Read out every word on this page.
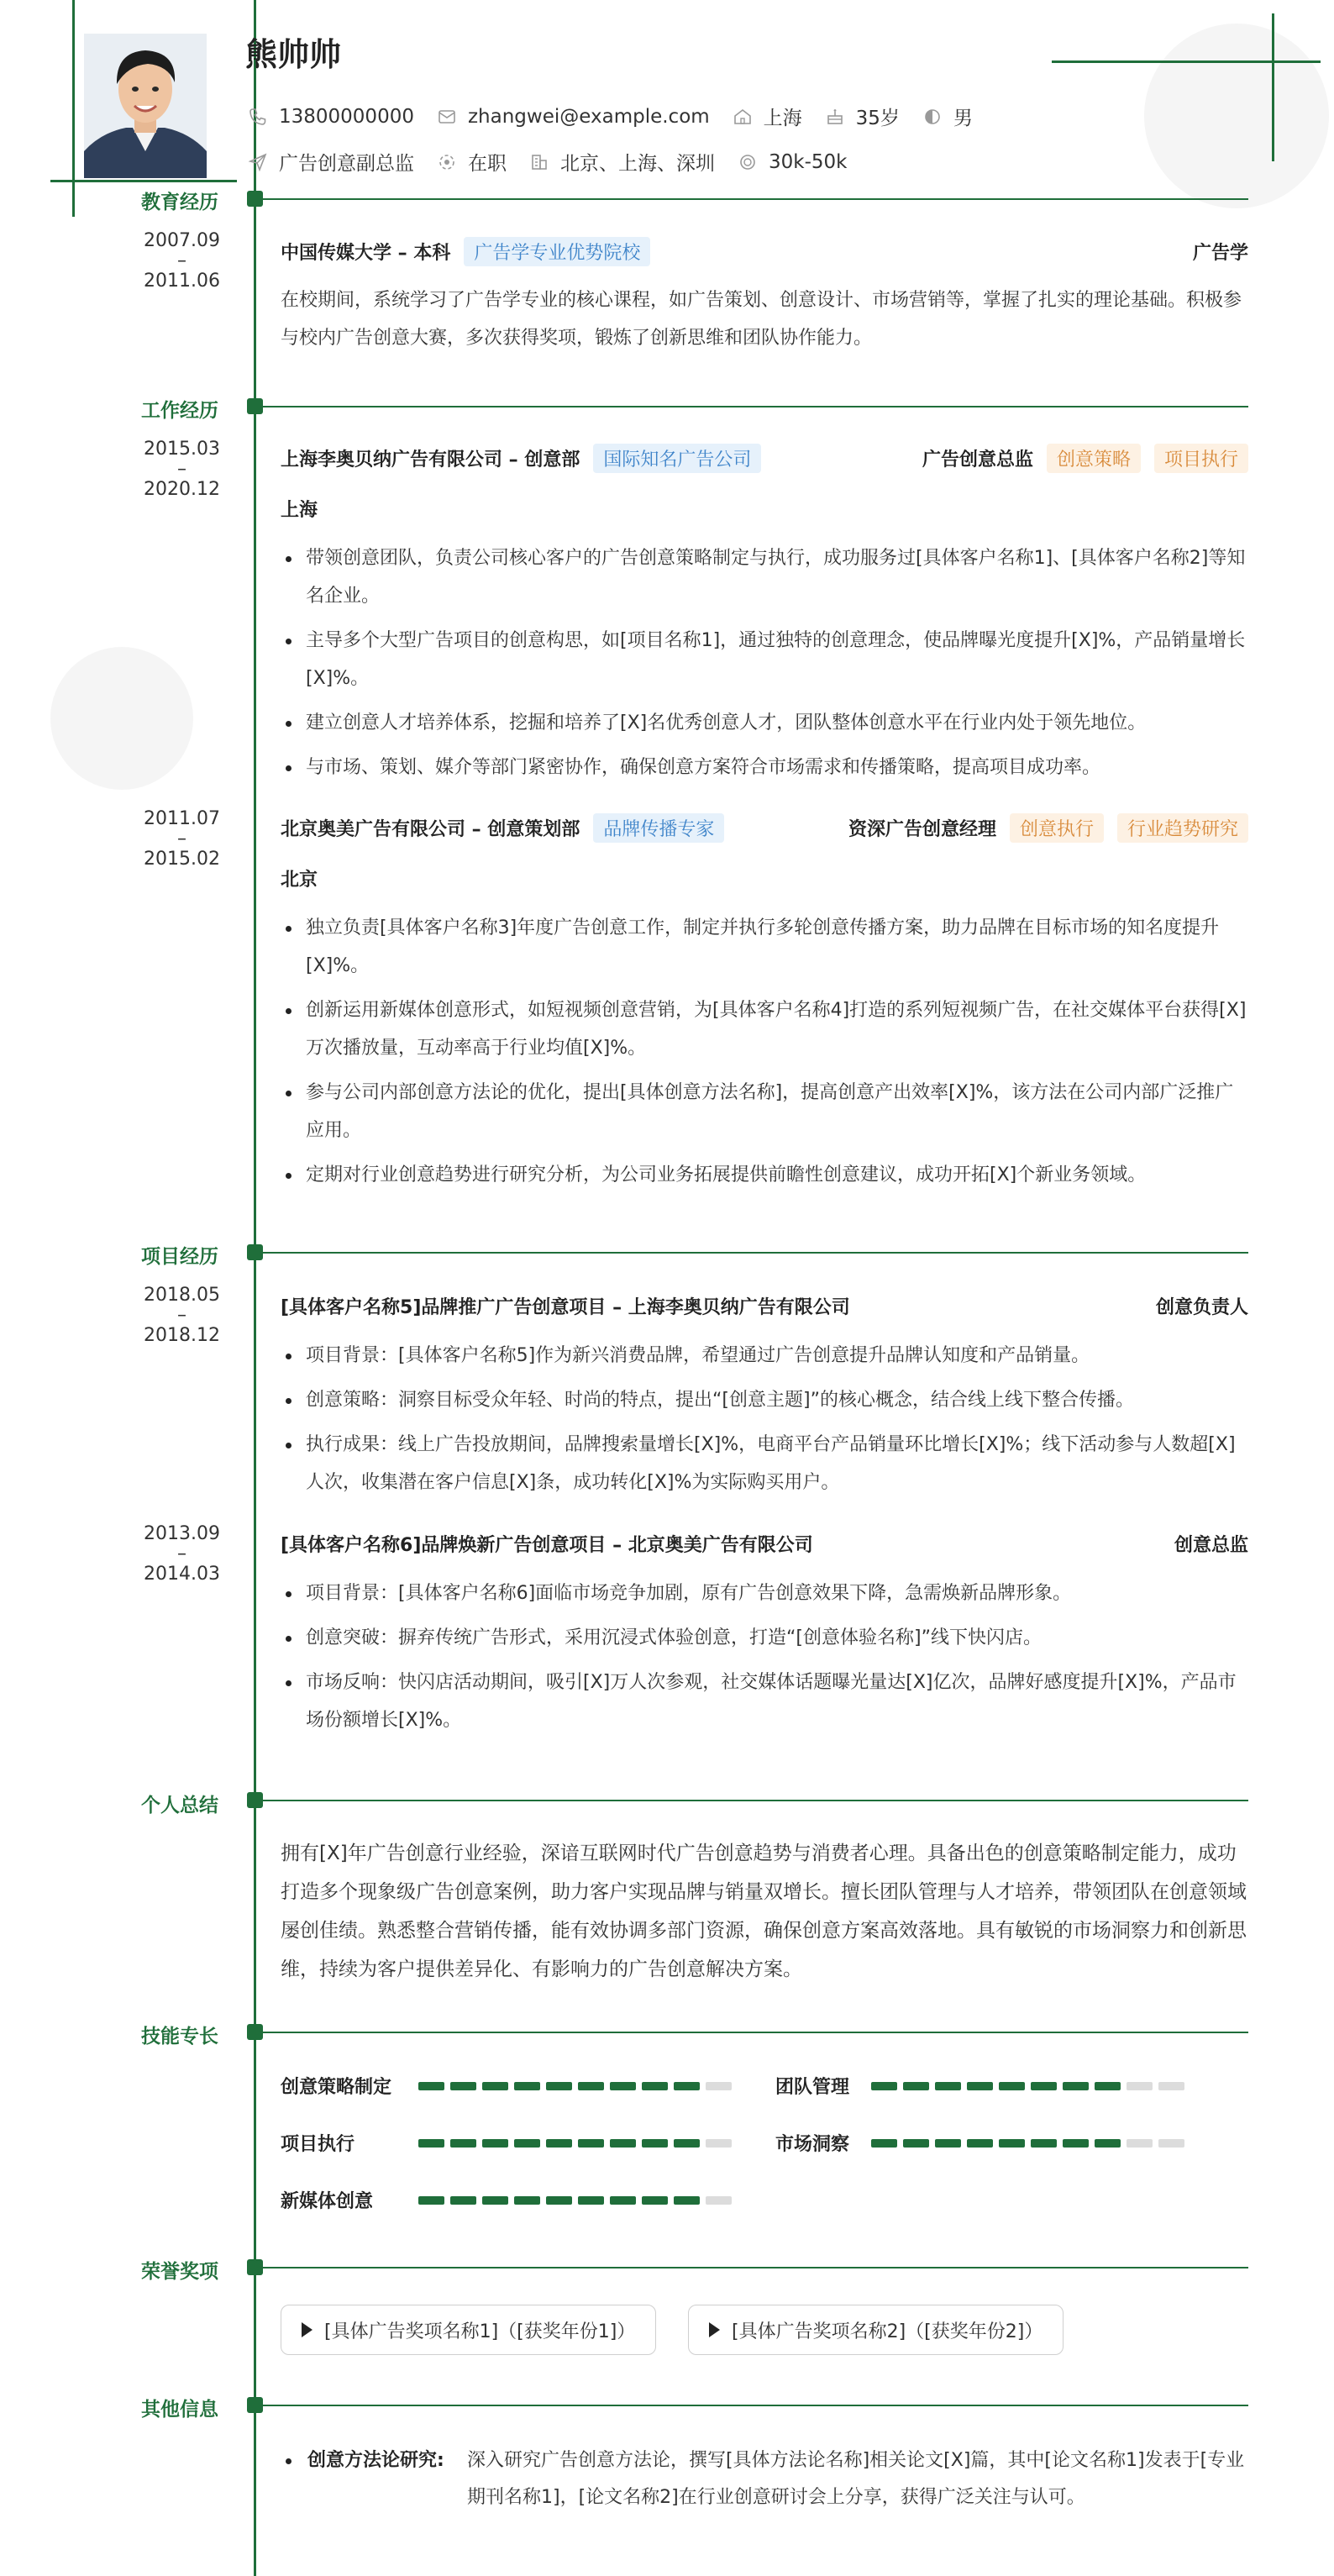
熊帅帅
13800000000	zhangwei@example.com	上海	35岁	男
广告创意副总监	在职	北京、上海、深圳	30k-50k
教育经历
2007.09
–
2011.06
中国传媒大学 – 本科	广告学专业优势院校	广告学
在校期间，系统学习了广告学专业的核心课程，如广告策划、创意设计、市场营销等，掌握了扎实的理论基础。积极参与校内广告创意大赛，多次获得奖项，锻炼了创新思维和团队协作能力。
工作经历
2015.03
–
2020.12
上海李奥贝纳广告有限公司 – 创意部	国际知名广告公司	广告创意总监	创意策略	项目执行
上海
带领创意团队，负责公司核心客户的广告创意策略制定与执行，成功服务过[具体客户名称1]、[具体客户名称2]等知名企业。
主导多个大型广告项目的创意构思，如[项目名称1]，通过独特的创意理念，使品牌曝光度提升[X]%，产品销量增长[X]%。
建立创意人才培养体系，挖掘和培养了[X]名优秀创意人才，团队整体创意水平在行业内处于领先地位。
与市场、策划、媒介等部门紧密协作，确保创意方案符合市场需求和传播策略，提高项目成功率。
2011.07
–
2015.02
北京奥美广告有限公司 – 创意策划部	品牌传播专家	资深广告创意经理	创意执行	行业趋势研究
北京
独立负责[具体客户名称3]年度广告创意工作，制定并执行多轮创意传播方案，助力品牌在目标市场的知名度提升[X]%。
创新运用新媒体创意形式，如短视频创意营销，为[具体客户名称4]打造的系列短视频广告，在社交媒体平台获得[X]万次播放量，互动率高于行业均值[X]%。
参与公司内部创意方法论的优化，提出[具体创意方法名称]，提高创意产出效率[X]%，该方法在公司内部广泛推广应用。
定期对行业创意趋势进行研究分析，为公司业务拓展提供前瞻性创意建议，成功开拓[X]个新业务领域。
项目经历
2018.05
–
2018.12
[具体客户名称5]品牌推广广告创意项目 – 上海李奥贝纳广告有限公司	创意负责人
项目背景：[具体客户名称5]作为新兴消费品牌，希望通过广告创意提升品牌认知度和产品销量。
创意策略：洞察目标受众年轻、时尚的特点，提出“[创意主题]”的核心概念，结合线上线下整合传播。
执行成果：线上广告投放期间，品牌搜索量增长[X]%，电商平台产品销量环比增长[X]%；线下活动参与人数超[X]人次，收集潜在客户信息[X]条，成功转化[X]%为实际购买用户。
2013.09
–
2014.03
[具体客户名称6]品牌焕新广告创意项目 – 北京奥美广告有限公司	创意总监
项目背景：[具体客户名称6]面临市场竞争加剧，原有广告创意效果下降，急需焕新品牌形象。
创意突破：摒弃传统广告形式，采用沉浸式体验创意，打造“[创意体验名称]”线下快闪店。
市场反响：快闪店活动期间，吸引[X]万人次参观，社交媒体话题曝光量达[X]亿次，品牌好感度提升[X]%，产品市场份额增长[X]%。
个人总结
拥有[X]年广告创意行业经验，深谙互联网时代广告创意趋势与消费者心理。具备出色的创意策略制定能力，成功打造多个现象级广告创意案例，助力客户实现品牌与销量双增长。擅长团队管理与人才培养，带领团队在创意领域屡创佳绩。熟悉整合营销传播，能有效协调多部门资源，确保创意方案高效落地。具有敏锐的市场洞察力和创新思维，持续为客户提供差异化、有影响力的广告创意解决方案。
技能专长
创意策略制定	团队管理
项目执行	市场洞察
新媒体创意
荣誉奖项
[具体广告奖项名称1]（[获奖年份1]）	[具体广告奖项名称2]（[获奖年份2]）
其他信息
创意方法论研究: 深入研究广告创意方法论，撰写[具体方法论名称]相关论文[X]篇，其中[论文名称1]发表于[专业期刊名称1]，[论文名称2]在行业创意研讨会上分享，获得广泛关注与认可。
